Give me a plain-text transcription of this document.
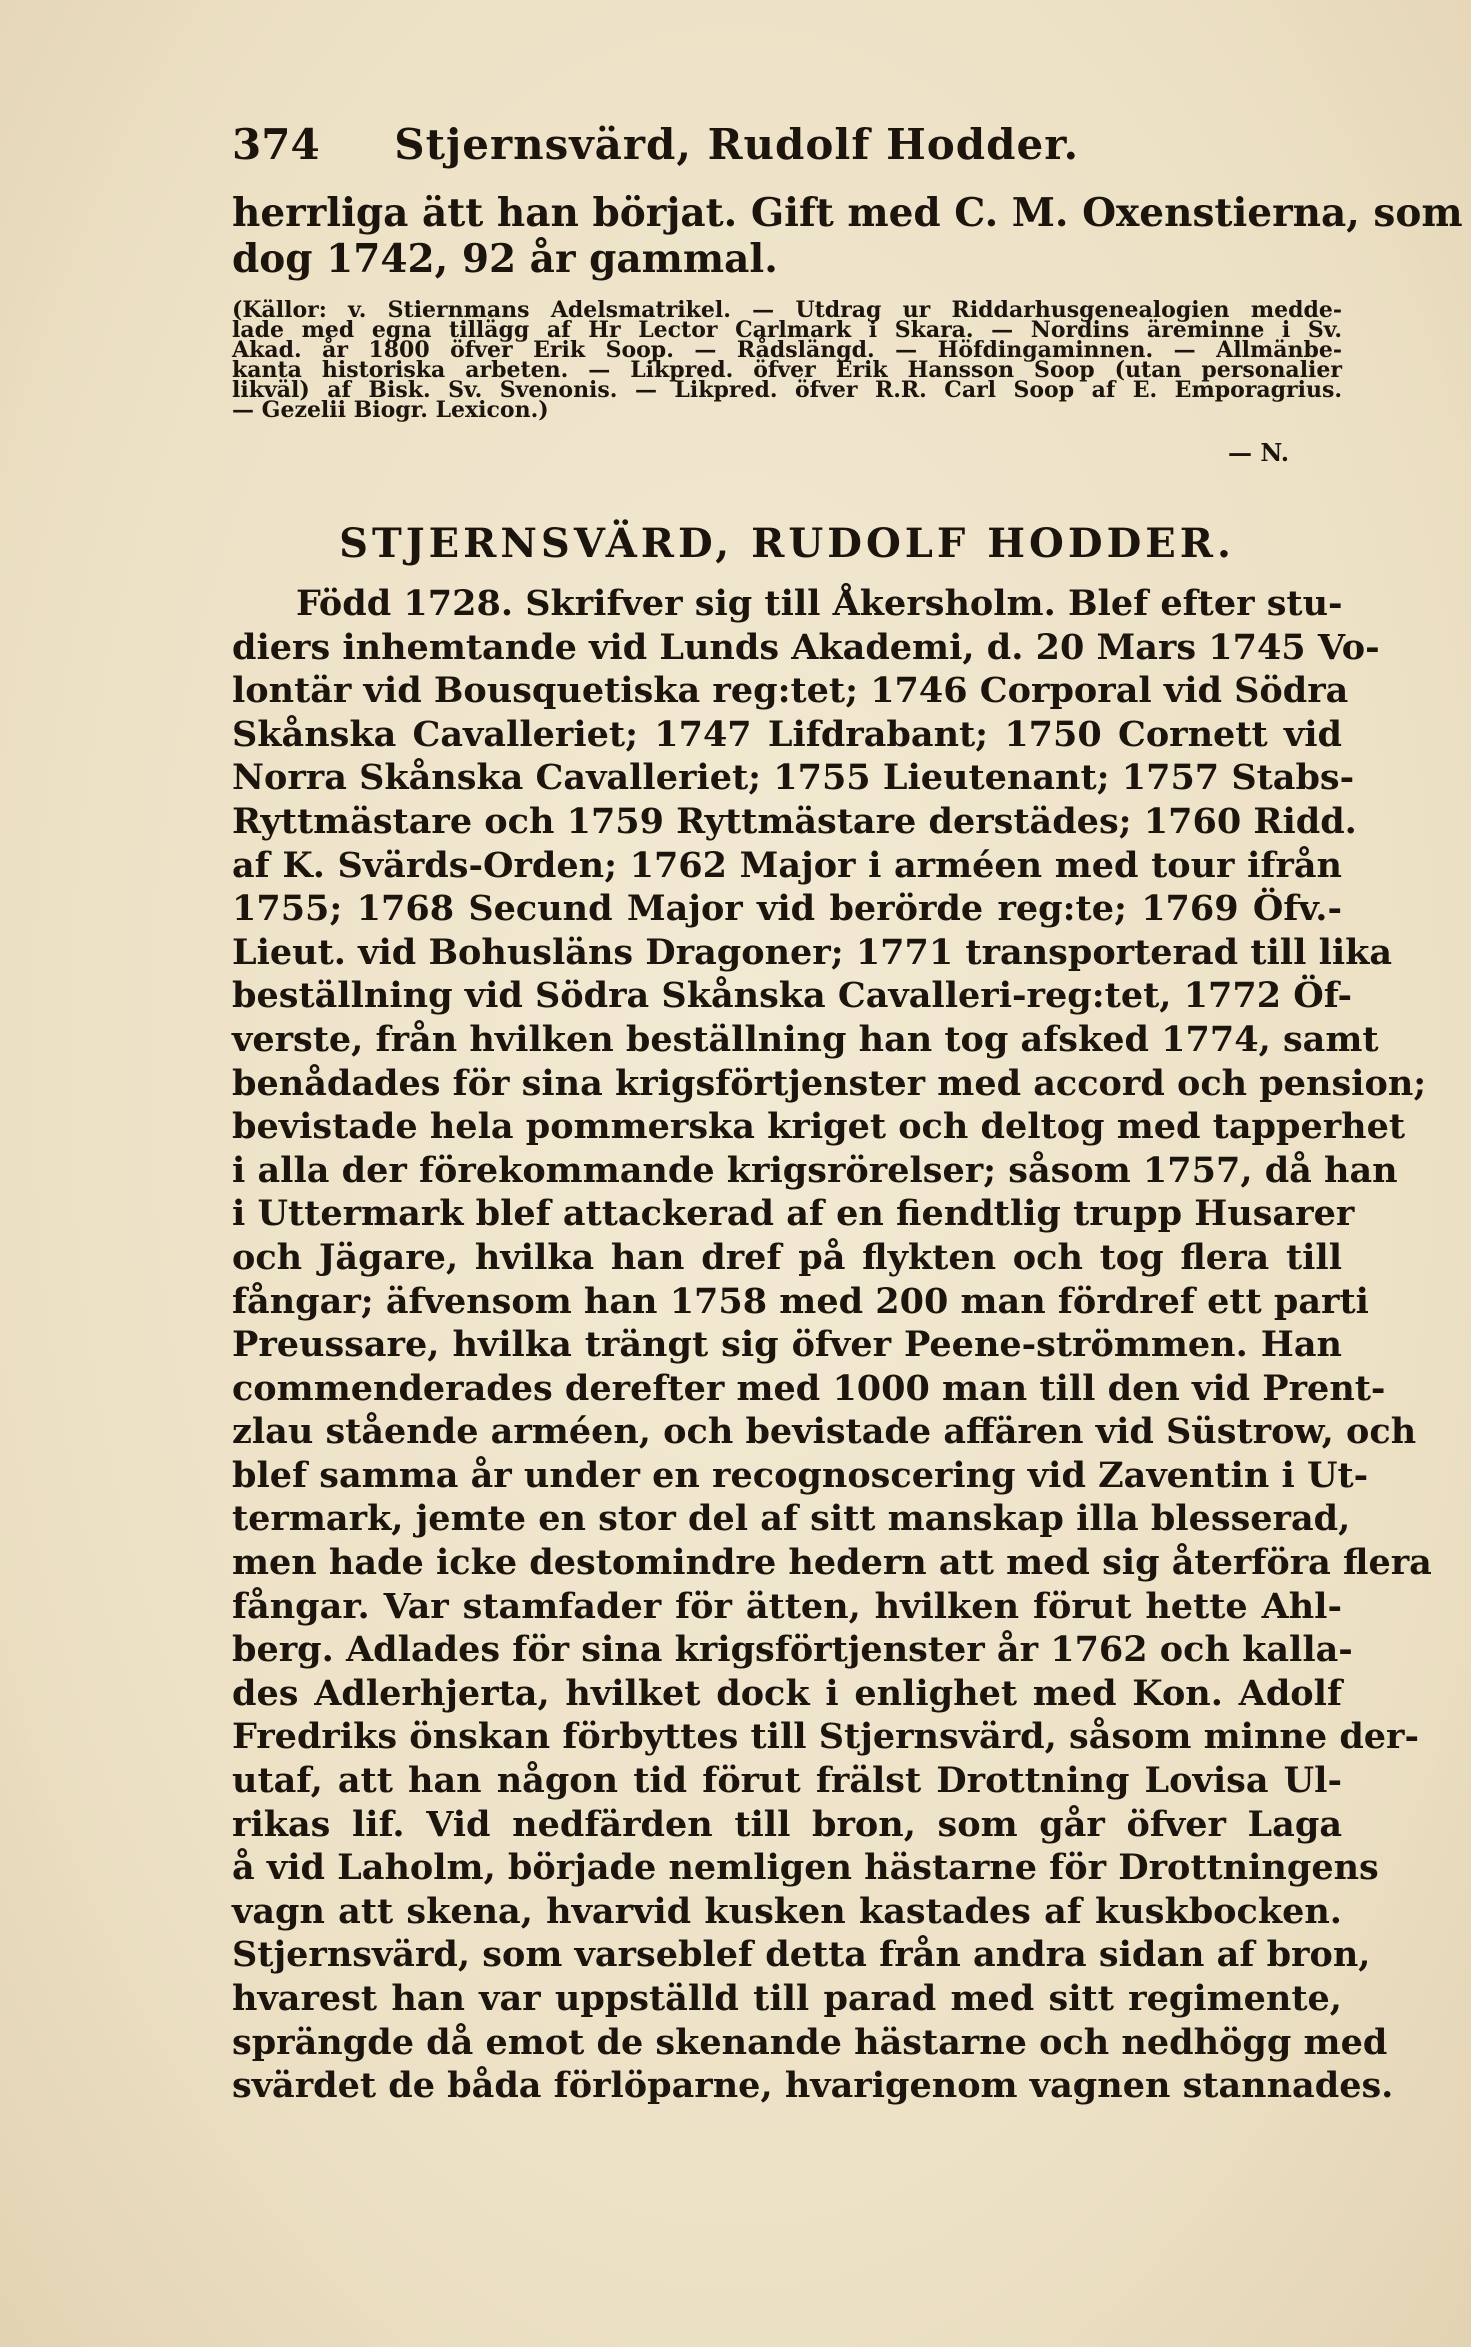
374 Stjernsvärd, Rudolf Hodder.
herrliga ätt han börjat. Gift med C. M. Oxenstierna, som
dog 1742, 92 år gammal.
(Källor: v. Stiernmans Adelsmatrikel. — Utdrag ur Riddarhusgenealogien medde-
lade med egna tillägg af Hr Lector Carlmark i Skara. — Nordins äreminne i Sv.
Akad. år 1800 öfver Erik Soop. — Rådslängd. — Höfdingaminnen. — Allmänbe-
kanta historiska arbeten. — Likpred. öfver Erik Hansson Soop (utan personalier
likväl) af Bisk. Sv. Svenonis. — Likpred. öfver R.R. Carl Soop af E. Emporagrius.
— Gezelii Biogr. Lexicon.)
— N.
STJERNSVÄRD, RUDOLF HODDER.
Född 1728. Skrifver sig till Åkersholm. Blef efter stu-
diers inhemtande vid Lunds Akademi, d. 20 Mars 1745 Vo-
lontär vid Bousquetiska reg:tet; 1746 Corporal vid Södra
Skånska Cavalleriet; 1747 Lifdrabant; 1750 Cornett vid
Norra Skånska Cavalleriet; 1755 Lieutenant; 1757 Stabs-
Ryttmästare och 1759 Ryttmästare derstädes; 1760 Ridd.
af K. Svärds-Orden; 1762 Major i arméen med tour ifrån
1755; 1768 Secund Major vid berörde reg:te; 1769 Öfv.-
Lieut. vid Bohusläns Dragoner; 1771 transporterad till lika
beställning vid Södra Skånska Cavalleri-reg:tet, 1772 Öf-
verste, från hvilken beställning han tog afsked 1774, samt
benådades för sina krigsförtjenster med accord och pension;
bevistade hela pommerska kriget och deltog med tapperhet
i alla der förekommande krigsrörelser; såsom 1757, då han
i Uttermark blef attackerad af en fiendtlig trupp Husarer
och Jägare, hvilka han dref på flykten och tog flera till
fångar; äfvensom han 1758 med 200 man fördref ett parti
Preussare, hvilka trängt sig öfver Peene-strömmen. Han
commenderades derefter med 1000 man till den vid Prent-
zlau stående arméen, och bevistade affären vid Süstrow, och
blef samma år under en recognoscering vid Zaventin i Ut-
termark, jemte en stor del af sitt manskap illa blesserad,
men hade icke destomindre hedern att med sig återföra flera
fångar. Var stamfader för ätten, hvilken förut hette Ahl-
berg. Adlades för sina krigsförtjenster år 1762 och kalla-
des Adlerhjerta, hvilket dock i enlighet med Kon. Adolf
Fredriks önskan förbyttes till Stjernsvärd, såsom minne der-
utaf, att han någon tid förut frälst Drottning Lovisa Ul-
rikas lif. Vid nedfärden till bron, som går öfver Laga
å vid Laholm, började nemligen hästarne för Drottningens
vagn att skena, hvarvid kusken kastades af kuskbocken.
Stjernsvärd, som varseblef detta från andra sidan af bron,
hvarest han var uppställd till parad med sitt regimente,
sprängde då emot de skenande hästarne och nedhögg med
svärdet de båda förlöparne, hvarigenom vagnen stannades.
